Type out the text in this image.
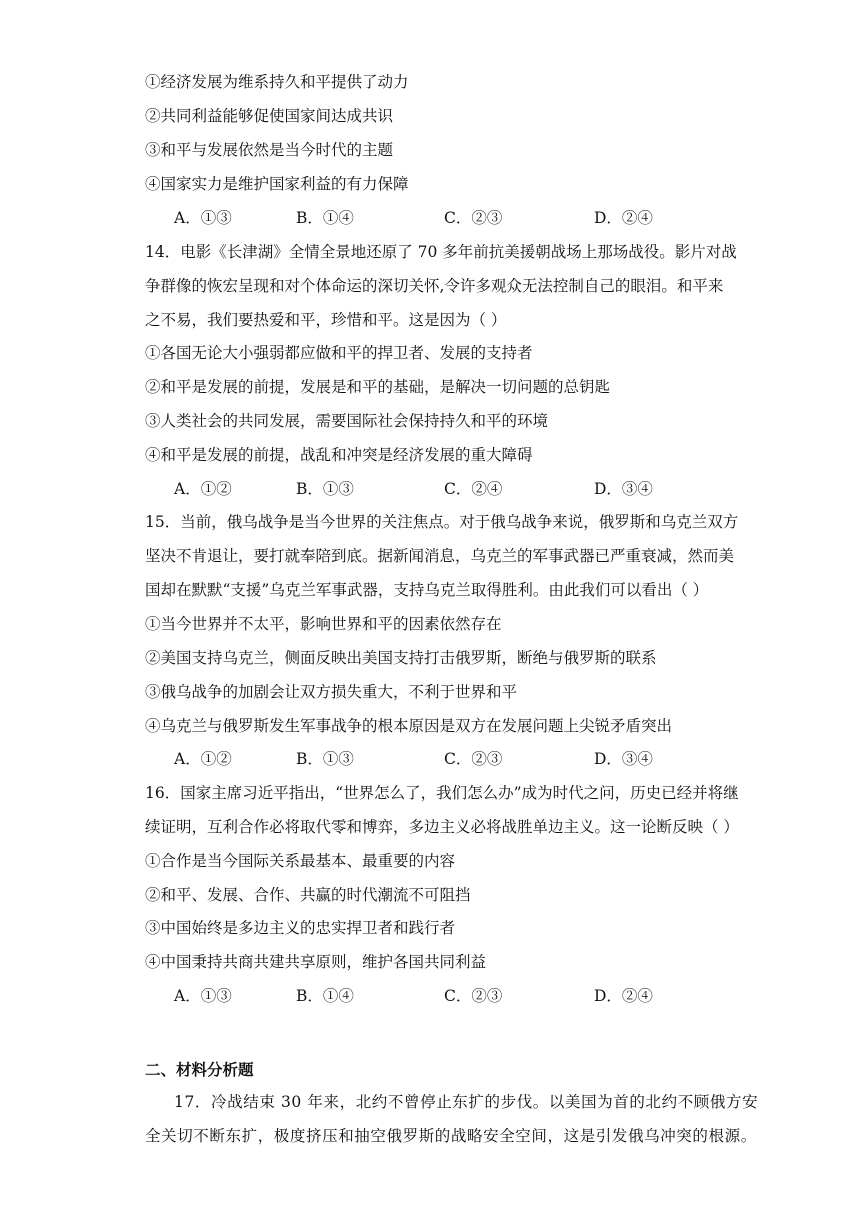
①经济发展为维系持久和平提供了动力
②共同利益能够促使国家间达成共识
③和平与发展依然是当今时代的主题
④国家实力是维护国家利益的有力保障
A．①③	B．①④	C．②③	D．②④
14．电影《长津湖》全情全景地还原了 70 多年前抗美援朝战场上那场战役。影片对战
争群像的恢宏呈现和对个体命运的深切关怀,令许多观众无法控制自己的眼泪。和平来
之不易，我们要热爱和平，珍惜和平。这是因为（ ）
①各国无论大小强弱都应做和平的捍卫者、发展的支持者
②和平是发展的前提，发展是和平的基础，是解决一切问题的总钥匙
③人类社会的共同发展，需要国际社会保持持久和平的环境
④和平是发展的前提，战乱和冲突是经济发展的重大障碍
A．①②	B．①③	C．②④	D．③④
15．当前，俄乌战争是当今世界的关注焦点。对于俄乌战争来说，俄罗斯和乌克兰双方
坚决不肯退让，要打就奉陪到底。据新闻消息，乌克兰的军事武器已严重衰减，然而美
国却在默默“支援”乌克兰军事武器，支持乌克兰取得胜利。由此我们可以看出（ ）
①当今世界并不太平，影响世界和平的因素依然存在
②美国支持乌克兰，侧面反映出美国支持打击俄罗斯，断绝与俄罗斯的联系
③俄乌战争的加剧会让双方损失重大，不利于世界和平
④乌克兰与俄罗斯发生军事战争的根本原因是双方在发展问题上尖锐矛盾突出
A．①②	B．①③	C．②③	D．③④
16．国家主席习近平指出，“世界怎么了，我们怎么办”成为时代之问，历史已经并将继
续证明，互利合作必将取代零和博弈，多边主义必将战胜单边主义。这一论断反映（ ）
①合作是当今国际关系最基本、最重要的内容
②和平、发展、合作、共赢的时代潮流不可阻挡
③中国始终是多边主义的忠实捍卫者和践行者
④中国秉持共商共建共享原则，维护各国共同利益
A．①③	B．①④	C．②③	D．②④
二、材料分析题
17．冷战结束 30 年来，北约不曾停止东扩的步伐。以美国为首的北约不顾俄方安
全关切不断东扩，极度挤压和抽空俄罗斯的战略安全空间，这是引发俄乌冲突的根源。
